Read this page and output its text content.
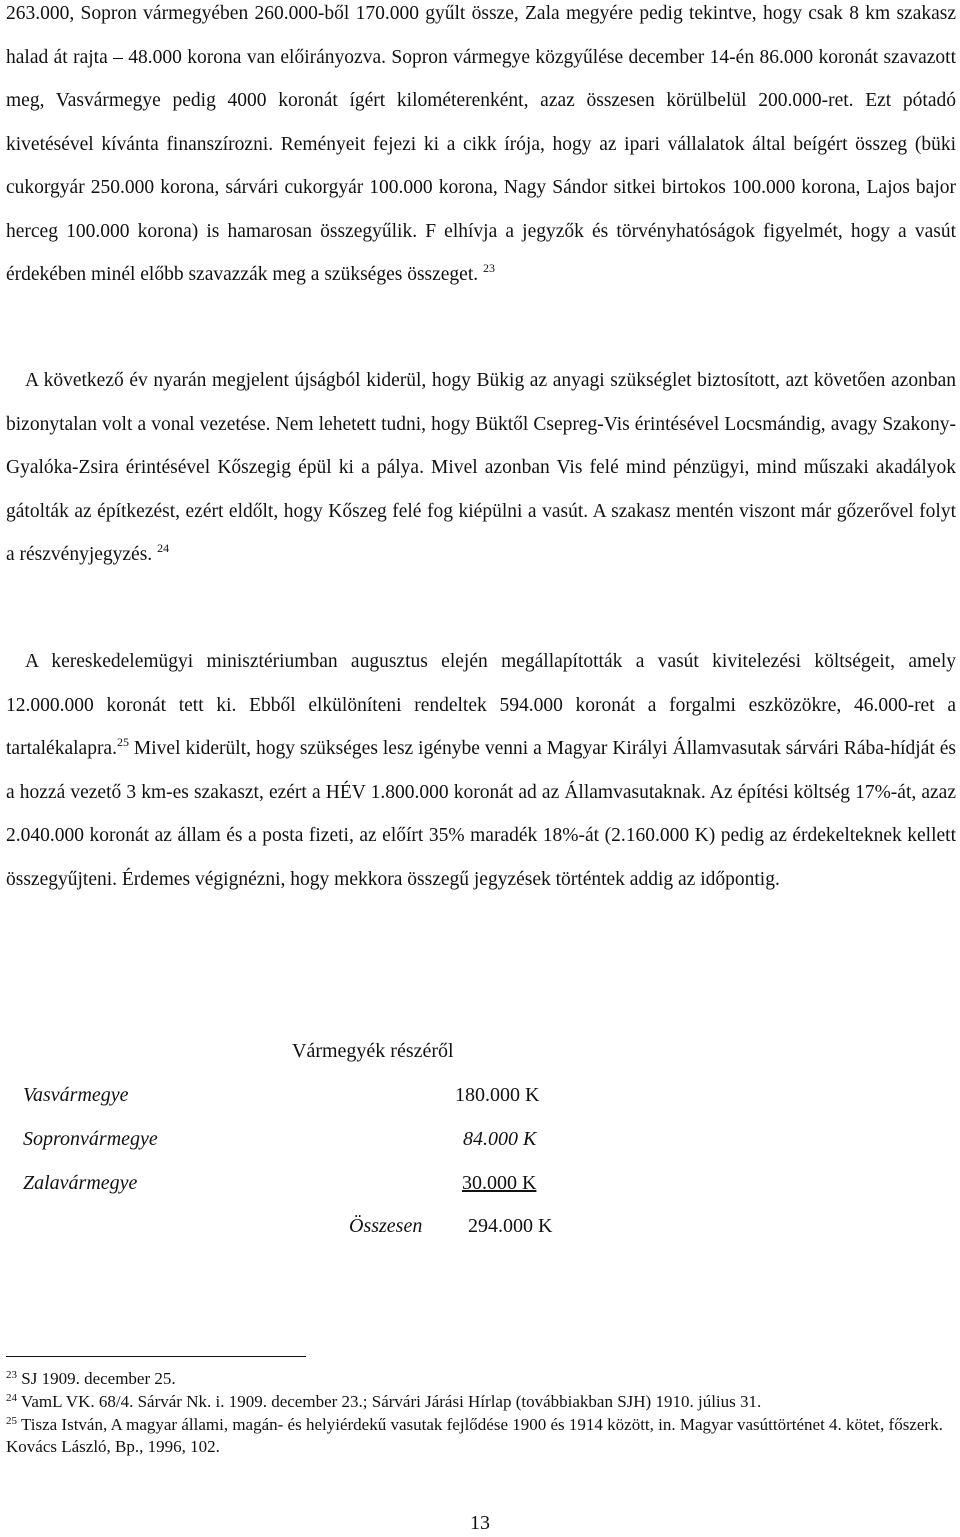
263.000, Sopron vármegyében 260.000-ből 170.000 gyűlt össze, Zala megyére pedig tekintve, hogy csak 8 km szakasz halad át rajta – 48.000 korona van előirányozva. Sopron vármegye közgyűlése december 14-én 86.000 koronát szavazott meg, Vasvármegye pedig 4000 koronát ígért kilométerenként, azaz összesen körülbelül 200.000-ret. Ezt pótadó kivetésével kívánta finanszírozni. Reményeit fejezi ki a cikk írója, hogy az ipari vállalatok által beígért összeg (büki cukorgyár 250.000 korona, sárvári cukorgyár 100.000 korona, Nagy Sándor sitkei birtokos 100.000 korona, Lajos bajor herceg 100.000 korona) is hamarosan összegyűlik. F elhívja a jegyzők és törvényhatóságok figyelmét, hogy a vasút érdekében minél előbb szavazzák meg a szükséges összeget. $^{23}$

A következő év nyarán megjelent újságból kiderül, hogy Bükig az anyagi szükséglet biztosított, azt követően azonban bizonytalan volt a vonal vezetése. Nem lehetett tudni, hogy Büktől Csepreg-Vis érintésével Locsmándig, avagy Szakony-Gyalóka-Zsira érintésével Kőszegig épül ki a pálya. Mivel azonban Vis felé mind pénzügyi, mind műszaki akadályok gátolták az építkezést, ezért eldőlt, hogy Kőszeg felé fog kiépülni a vasút. A szakasz mentén viszont már gőzerővel folyt a részvényjegyzés. $^{24}$

A kereskedelemügyi minisztériumban augusztus elején megállapították a vasút kivitelezési költségeit, amely 12.000.000 koronát tett ki. Ebből elkülöníteni rendeltek 594.000 koronát a forgalmi eszközökre, 46.000-ret a tartalékalapra.$^{25}$ Mivel kiderült, hogy szükséges lesz igénybe venni a Magyar Királyi Államvasutak sárvári Rába-hídját és a hozzá vezető 3 km-es szakaszt, ezért a HÉV 1.800.000 koronát ad az Államvasutaknak. Az építési költség 17%-át, azaz 2.040.000 koronát az állam és a posta fizeti, az előírt 35% maradék 18%-át (2.160.000 K) pedig az érdekelteknek kellett összegyűjteni. Érdemes végignézni, hogy mekkora összegű jegyzések történtek addig az időpontig.

Vármegyék részéről

Vasvármegye	180.000 K
Sopronvármegye	84.000 K
Zalavármegye	30.000 K
Összesen 294.000 K

$^{23}$ SJ 1909. december 25.

$^{24}$ VamL VK. 68/4. Sárvár Nk. i. 1909. december 23.; Sárvári Járási Hírlap (továbbiakban SJH) 1910. július 31.

$^{25}$ Tisza István, A magyar állami, magán- és helyiérdekű vasutak fejlődése 1900 és 1914 között, in. Magyar vasúttörténet 4. kötet, főszerk. Kovács László, Bp., 1996, 102.

13
